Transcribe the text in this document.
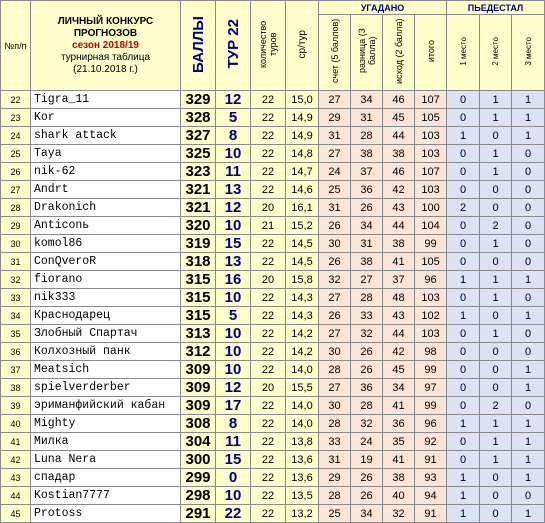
№п/п	ЛИЧНЫЙ КОНКУРС
ПРОГНОЗОВ
сезон 2018/19
турнирная таблица
(21.10.2018 г.)	БАЛЛЫ	ТУР 22	количество туров	ср/тур	УГАДАНО				ПЬЕДЕСТАЛ		
						счет (5 баллов)	разница (3 балла)	исход (2 балла)	итого	1 место	2 место	3 место
22	Tigra_11	329	12	22	15,0	27	34	46	107	0	1	1
23	Kor	328	5	22	14,9	29	31	45	105	0	1	1
24	shark attack	327	8	22	14,9	31	28	44	103	1	0	1
25	Taya	325	10	22	14,8	27	38	38	103	0	1	0
26	nik-62	323	11	22	14,7	24	37	46	107	0	1	0
27	Andrt	321	13	22	14,6	25	36	42	103	0	0	0
28	Drakonich	321	12	20	16,1	31	26	43	100	2	0	0
29	Anticonь	320	10	21	15,2	26	34	44	104	0	2	0
30	komol86	319	15	22	14,5	30	31	38	99	0	1	0
31	ConQveroR	318	13	22	14,5	26	38	41	105	0	0	0
32	fiorano	315	16	20	15,8	32	27	37	96	1	1	1
33	nik333	315	10	22	14,3	27	28	48	103	0	1	0
34	Краснодарец	315	5	22	14,3	26	33	43	102	1	0	1
35	Злобный Спартач	313	10	22	14,2	27	32	44	103	0	1	0
36	Колхозный панк	312	10	22	14,2	30	26	42	98	0	0	0
37	Meatsich	309	10	22	14,0	28	26	45	99	0	0	1
38	spielverderber	309	12	20	15,5	27	36	34	97	0	0	1
39	эриманфийский кабан	309	17	22	14,0	30	28	41	99	0	2	0
40	Mighty	308	8	22	14,0	28	32	36	96	1	1	1
41	Милка	304	11	22	13,8	33	24	35	92	0	1	1
42	Luna Nera	300	15	22	13,6	31	19	41	91	0	1	1
43	спадар	299	0	22	13,6	29	26	38	93	1	0	1
44	Kostian7777	298	10	22	13,5	28	26	40	94	1	0	0
45	Protoss	291	22	22	13,2	25	34	32	91	1	0	1
